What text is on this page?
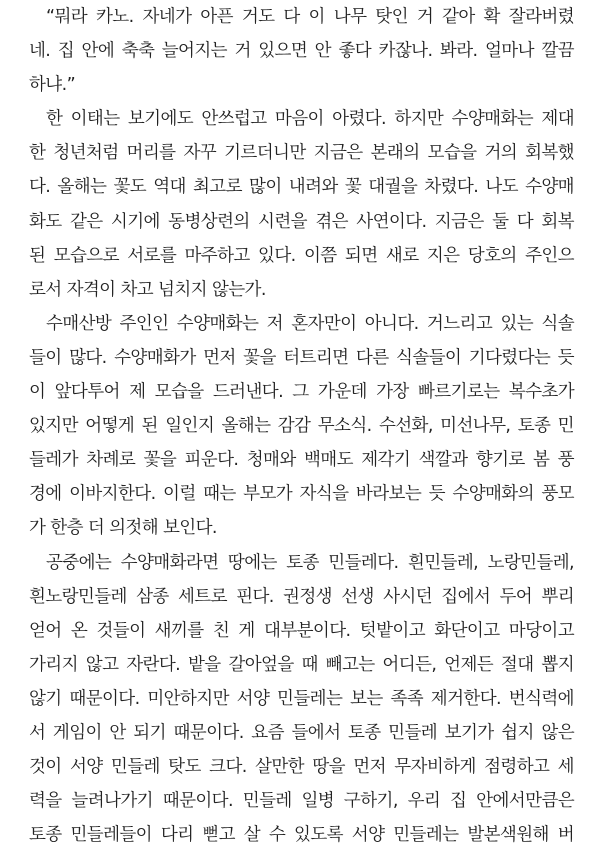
“뭐라 카노. 자네가 아픈 거도 다 이 나무 탓인 거 같아 확 잘라버렸
네. 집 안에 축축 늘어지는 거 있으면 안 좋다 카잖나. 봐라. 얼마나 깔끔
하냐.”
한 이태는 보기에도 안쓰럽고 마음이 아렸다. 하지만 수양매화는 제대
한 청년처럼 머리를 자꾸 기르더니만 지금은 본래의 모습을 거의 회복했
다. 올해는 꽃도 역대 최고로 많이 내려와 꽃 대궐을 차렸다. 나도 수양매
화도 같은 시기에 동병상련의 시련을 겪은 사연이다. 지금은 둘 다 회복
된 모습으로 서로를 마주하고 있다. 이쯤 되면 새로 지은 당호의 주인으
로서 자격이 차고 넘치지 않는가.
수매산방 주인인 수양매화는 저 혼자만이 아니다. 거느리고 있는 식솔
들이 많다. 수양매화가 먼저 꽃을 터트리면 다른 식솔들이 기다렸다는 듯
이 앞다투어 제 모습을 드러낸다. 그 가운데 가장 빠르기로는 복수초가
있지만 어떻게 된 일인지 올해는 감감 무소식. 수선화, 미선나무, 토종 민
들레가 차례로 꽃을 피운다. 청매와 백매도 제각기 색깔과 향기로 봄 풍
경에 이바지한다. 이럴 때는 부모가 자식을 바라보는 듯 수양매화의 풍모
가 한층 더 의젓해 보인다.
공중에는 수양매화라면 땅에는 토종 민들레다. 흰민들레, 노랑민들레,
흰노랑민들레 삼종 세트로 핀다. 권정생 선생 사시던 집에서 두어 뿌리
얻어 온 것들이 새끼를 친 게 대부분이다. 텃밭이고 화단이고 마당이고
가리지 않고 자란다. 밭을 갈아엎을 때 빼고는 어디든, 언제든 절대 뽑지
않기 때문이다. 미안하지만 서양 민들레는 보는 족족 제거한다. 번식력에
서 게임이 안 되기 때문이다. 요즘 들에서 토종 민들레 보기가 쉽지 않은
것이 서양 민들레 탓도 크다. 살만한 땅을 먼저 무자비하게 점령하고 세
력을 늘려나가기 때문이다. 민들레 일병 구하기, 우리 집 안에서만큼은
토종 민들레들이 다리 뻗고 살 수 있도록 서양 민들레는 발본색원해 버
